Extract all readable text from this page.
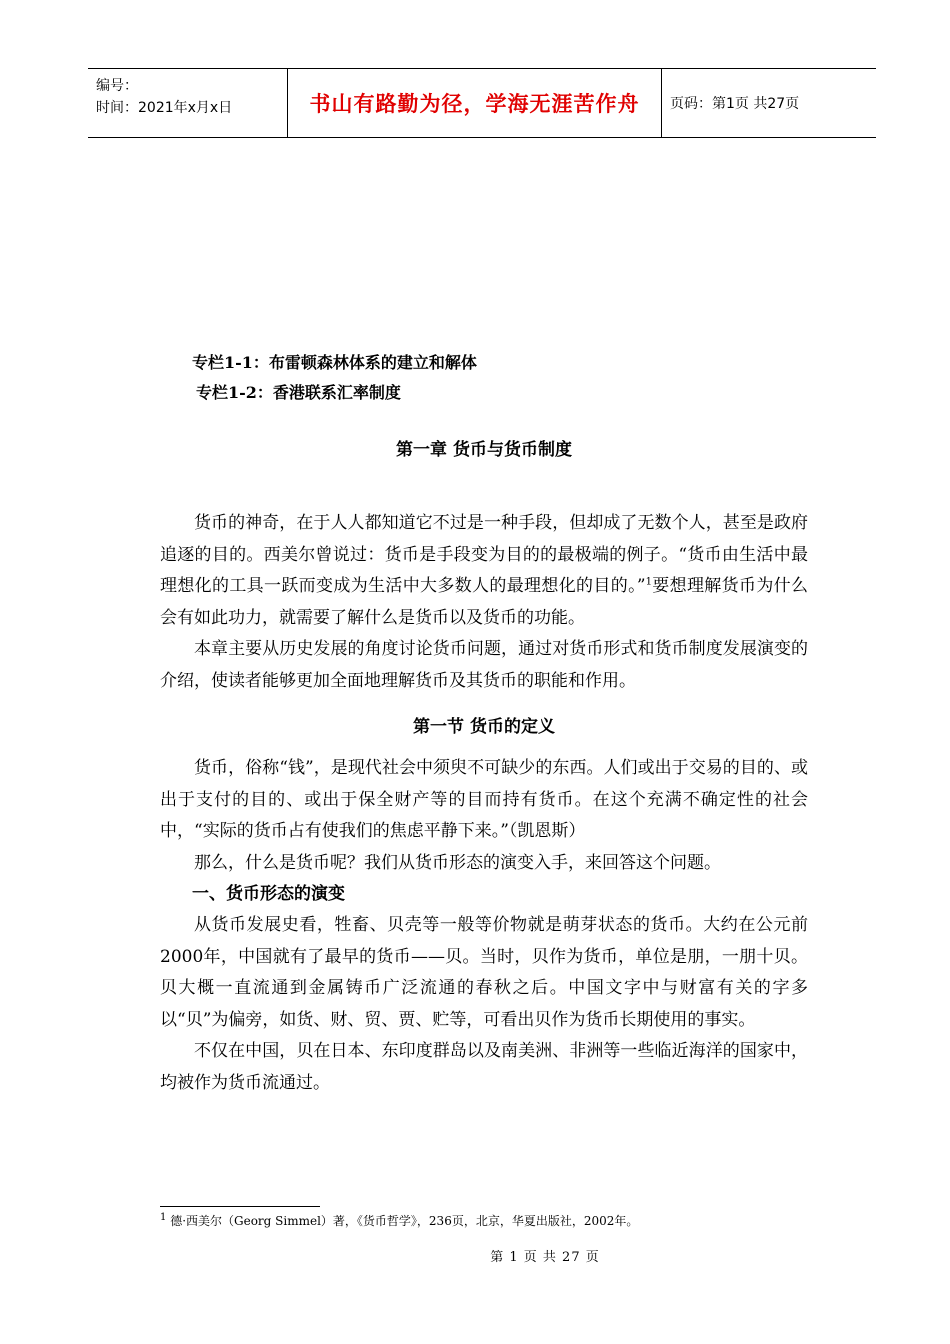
编号：
时间：2021年x月x日	书山有路勤为径，学海无涯苦作舟 页码：第1页 共27页
专栏1-1：布雷顿森林体系的建立和解体
专栏1-2：香港联系汇率制度
第一章 货币与货币制度

货币的神奇，在于人人都知道它不过是一种手段，但却成了无数个人，甚至是政府追逐的目的。西美尔曾说过：货币是手段变为目的的最极端的例子。“货币由生活中最理想化的工具一跃而变成为生活中大多数人的最理想化的目的。”$^1$要想理解货币为什么会有如此功力，就需要了解什么是货币以及货币的功能。

本章主要从历史发展的角度讨论货币问题，通过对货币形式和货币制度发展演变的介绍，使读者能够更加全面地理解货币及其货币的职能和作用。

第一节 货币的定义

货币，俗称“钱”，是现代社会中须臾不可缺少的东西。人们或出于交易的目的、或出于支付的目的、或出于保全财产等的目而持有货币。在这个充满不确定性的社会中，“实际的货币占有使我们的焦虑平静下来。”（凯恩斯）

那么，什么是货币呢？我们从货币形态的演变入手，来回答这个问题。

一、货币形态的演变

从货币发展史看，牲畜、贝壳等一般等价物就是萌芽状态的货币。大约在公元前2000年，中国就有了最早的货币——贝。当时，贝作为货币，单位是朋，一朋十贝。贝大概一直流通到金属铸币广泛流通的春秋之后。中国文字中与财富有关的字多以“贝”为偏旁，如货、财、贸、贾、贮等，可看出贝作为货币长期使用的事实。

不仅在中国，贝在日本、东印度群岛以及南美洲、非洲等一些临近海洋的国家中，均被作为货币流通过。

$^1$ 德·西美尔（Georg Simmel）著，《货币哲学》，236页，北京，华夏出版社，2002年。
第 1 页 共 27 页
